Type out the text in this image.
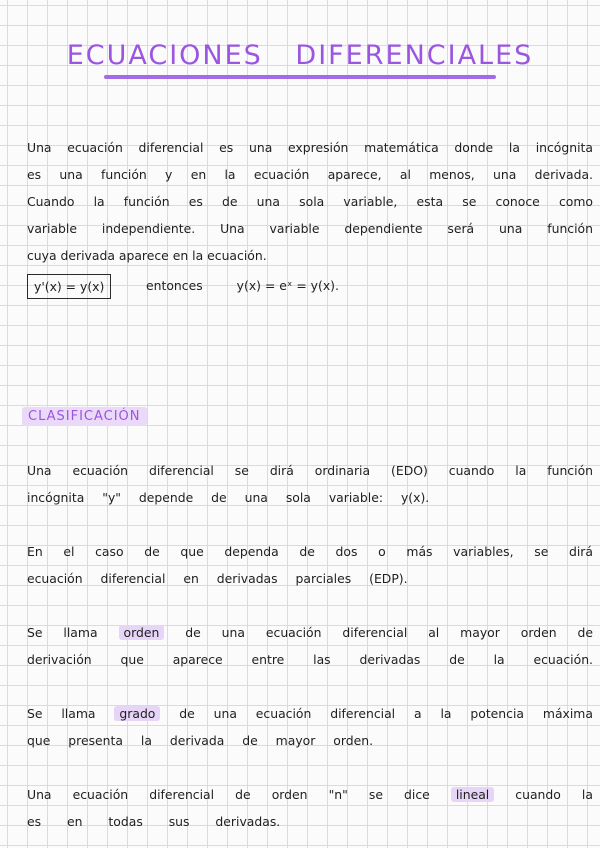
ECUACIONES DIFERENCIALES
Una ecuación diferencial es una expresión matemática donde la incógnita
es una función y en la ecuación aparece, al menos, una derivada.
Cuando la función es de una sola variable, esta se conoce como
variable independiente. Una variable dependiente será una función
cuya derivada aparece en la ecuación.
y'(x) = y(x)	entonces	y(x) = eˣ = y(x).
CLASIFICACIÓN
Una ecuación diferencial se dirá ordinaria (EDO) cuando la función
incógnita "y" depende de una sola variable: y(x).
En el caso de que dependa de dos o más variables, se dirá
ecuación diferencial en derivadas parciales (EDP).
Se llama orden de una ecuación diferencial al mayor orden de
derivación que aparece entre las derivadas de la ecuación.
Se llama grado de una ecuación diferencial a la potencia máxima
que presenta la derivada de mayor orden.
Una ecuación diferencial de orden "n" se dice lineal cuando la
es en todas sus derivadas.
